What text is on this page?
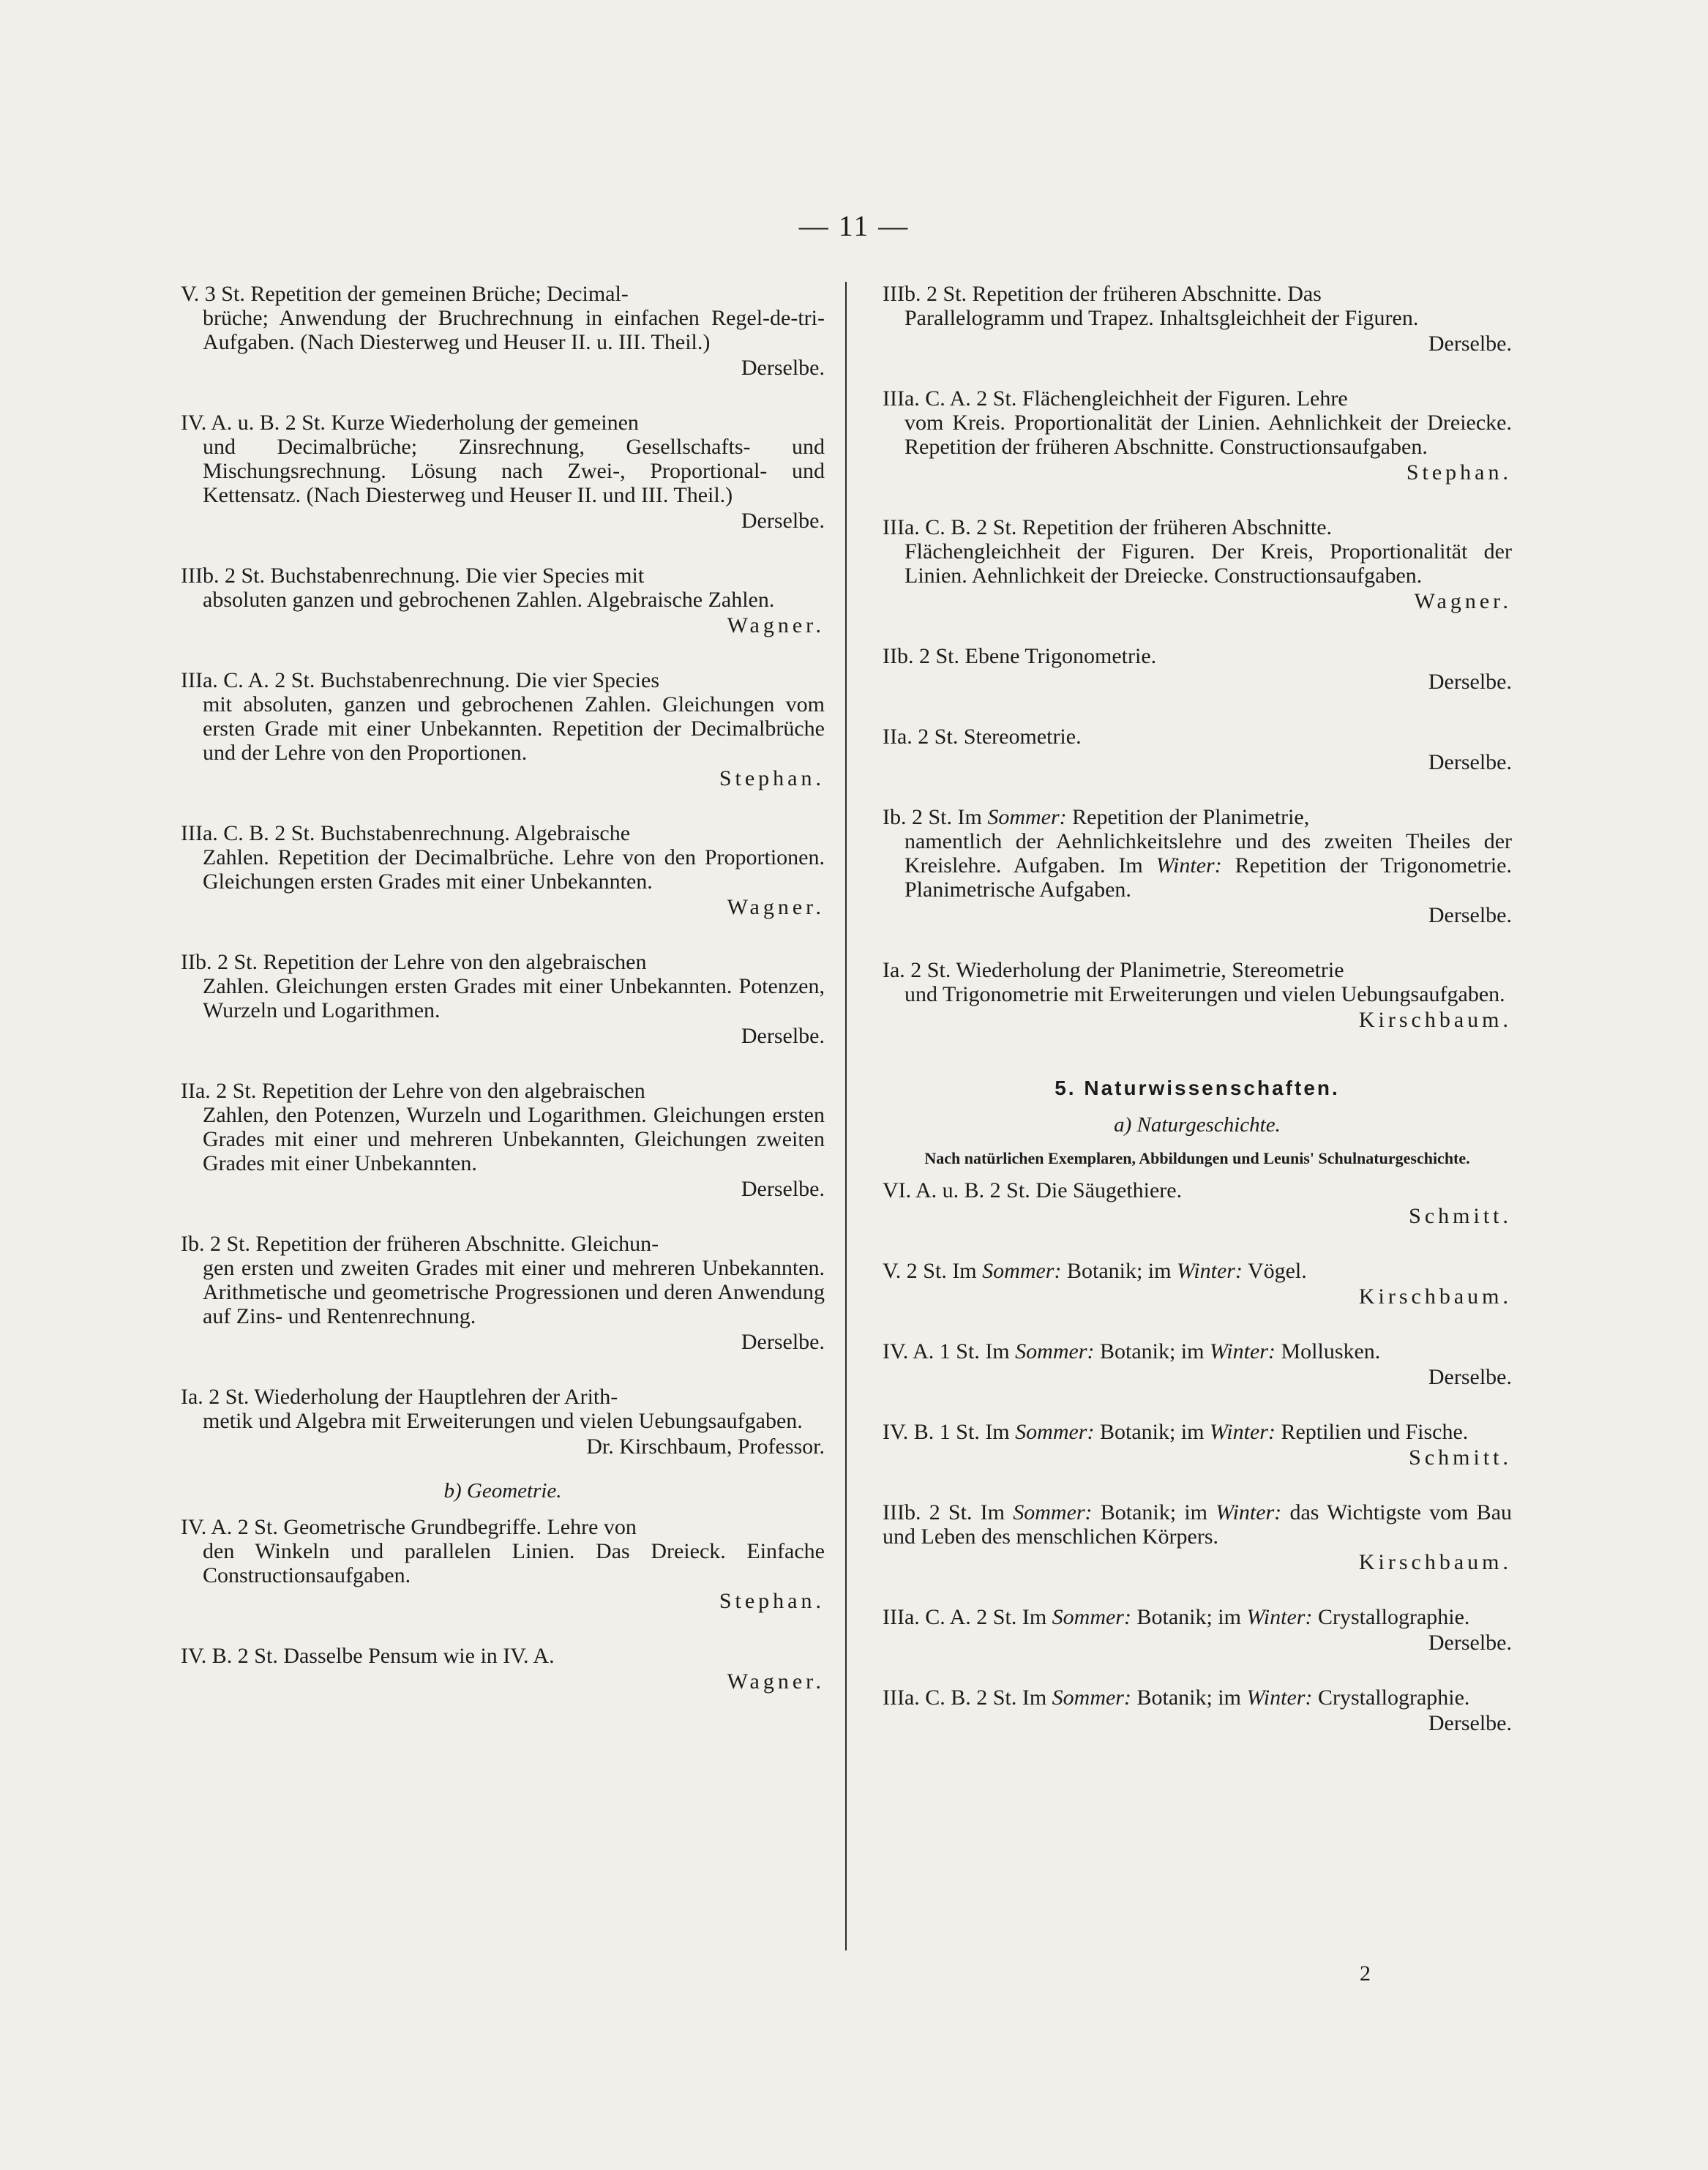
— 11 —
V. 3 St. Repetition der gemeinen Brüche; Decimal-
brüche; Anwendung der Bruchrechnung in einfachen Regel-de-tri-Aufgaben. (Nach Diesterweg und Heuser II. u. III. Theil.)
Derselbe.
IV. A. u. B. 2 St. Kurze Wiederholung der gemeinen
und Decimalbrüche; Zinsrechnung, Gesellschafts- und Mischungsrechnung. Lösung nach Zwei-, Proportional- und Kettensatz. (Nach Diesterweg und Heuser II. und III. Theil.)
Derselbe.
IIIb. 2 St. Buchstabenrechnung. Die vier Species mit
absoluten ganzen und gebrochenen Zahlen. Algebraische Zahlen.
Wagner.
IIIa. C. A. 2 St. Buchstabenrechnung. Die vier Species
mit absoluten, ganzen und gebrochenen Zahlen. Gleichungen vom ersten Grade mit einer Unbekannten. Repetition der Decimalbrüche und der Lehre von den Proportionen.
Stephan.
IIIa. C. B. 2 St. Buchstabenrechnung. Algebraische
Zahlen. Repetition der Decimalbrüche. Lehre von den Proportionen. Gleichungen ersten Grades mit einer Unbekannten.
Wagner.
IIb. 2 St. Repetition der Lehre von den algebraischen
Zahlen. Gleichungen ersten Grades mit einer Unbekannten. Potenzen, Wurzeln und Logarithmen.
Derselbe.
IIa. 2 St. Repetition der Lehre von den algebraischen
Zahlen, den Potenzen, Wurzeln und Logarithmen. Gleichungen ersten Grades mit einer und mehreren Unbekannten, Gleichungen zweiten Grades mit einer Unbekannten.
Derselbe.
Ib. 2 St. Repetition der früheren Abschnitte. Gleichun-
gen ersten und zweiten Grades mit einer und mehreren Unbekannten. Arithmetische und geometrische Progressionen und deren Anwendung auf Zins- und Rentenrechnung.
Derselbe.
Ia. 2 St. Wiederholung der Hauptlehren der Arith-
metik und Algebra mit Erweiterungen und vielen Uebungsaufgaben.
Dr. Kirschbaum, Professor.
b) Geometrie.
IV. A. 2 St. Geometrische Grundbegriffe. Lehre von
den Winkeln und parallelen Linien. Das Dreieck. Einfache Constructionsaufgaben.
Stephan.
IV. B. 2 St. Dasselbe Pensum wie in IV. A.
Wagner.
IIIb. 2 St. Repetition der früheren Abschnitte. Das
Parallelogramm und Trapez. Inhaltsgleichheit der Figuren.
Derselbe.
IIIa. C. A. 2 St. Flächengleichheit der Figuren. Lehre
vom Kreis. Proportionalität der Linien. Aehnlichkeit der Dreiecke. Repetition der früheren Abschnitte. Constructionsaufgaben.
Stephan.
IIIa. C. B. 2 St. Repetition der früheren Abschnitte.
Flächengleichheit der Figuren. Der Kreis, Proportionalität der Linien. Aehnlichkeit der Dreiecke. Constructionsaufgaben.
Wagner.
IIb. 2 St. Ebene Trigonometrie.
Derselbe.
IIa. 2 St. Stereometrie.
Derselbe.
Ib. 2 St. Im Sommer: Repetition der Planimetrie,
namentlich der Aehnlichkeitslehre und des zweiten Theiles der Kreislehre. Aufgaben. Im Winter: Repetition der Trigonometrie. Planimetrische Aufgaben.
Derselbe.
Ia. 2 St. Wiederholung der Planimetrie, Stereometrie
und Trigonometrie mit Erweiterungen und vielen Uebungsaufgaben.
Kirschbaum.
5. Naturwissenschaften.
a) Naturgeschichte.
Nach natürlichen Exemplaren, Abbildungen und Leunis' Schulnaturgeschichte.
VI. A. u. B. 2 St. Die Säugethiere.
Schmitt.
V. 2 St. Im Sommer: Botanik; im Winter: Vögel.
Kirschbaum.
IV. A. 1 St. Im Sommer: Botanik; im Winter: Mollusken.
Derselbe.
IV. B. 1 St. Im Sommer: Botanik; im Winter: Reptilien und Fische.
Schmitt.
IIIb. 2 St. Im Sommer: Botanik; im Winter: das Wichtigste vom Bau und Leben des menschlichen Körpers.
Kirschbaum.
IIIa. C. A. 2 St. Im Sommer: Botanik; im Winter: Crystallographie.
Derselbe.
IIIa. C. B. 2 St. Im Sommer: Botanik; im Winter: Crystallographie.
Derselbe.
2
